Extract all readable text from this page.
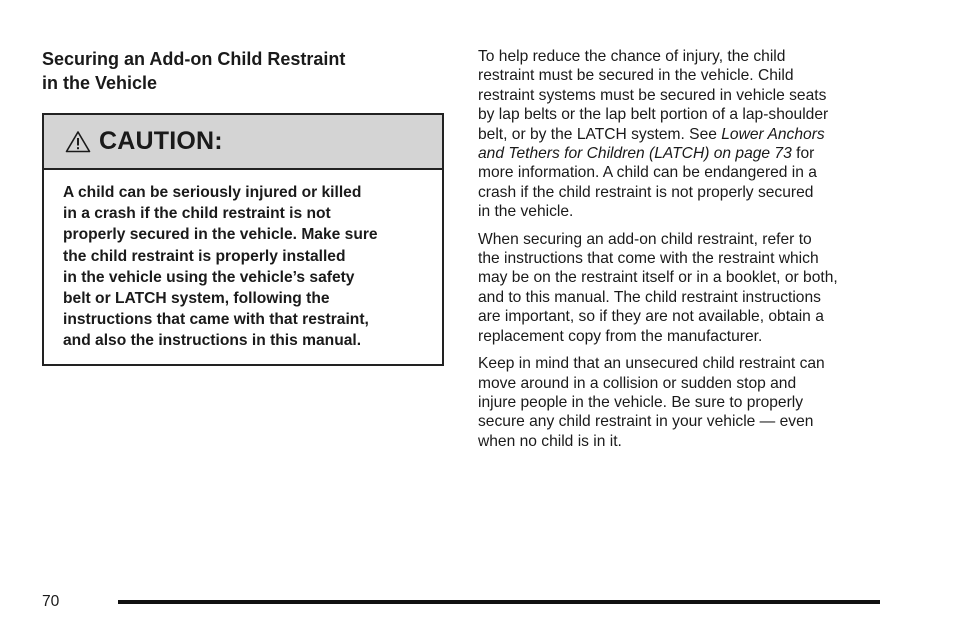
Securing an Add-on Child Restraint
in the Vehicle
CAUTION:
A child can be seriously injured or killed
in a crash if the child restraint is not
properly secured in the vehicle. Make sure
the child restraint is properly installed
in the vehicle using the vehicle’s safety
belt or LATCH system, following the
instructions that came with that restraint,
and also the instructions in this manual.

To help reduce the chance of injury, the child
restraint must be secured in the vehicle. Child
restraint systems must be secured in vehicle seats
by lap belts or the lap belt portion of a lap-shoulder
belt, or by the LATCH system. See Lower Anchors
and Tethers for Children (LATCH) on page 73 for
more information. A child can be endangered in a
crash if the child restraint is not properly secured
in the vehicle.

When securing an add-on child restraint, refer to
the instructions that come with the restraint which
may be on the restraint itself or in a booklet, or both,
and to this manual. The child restraint instructions
are important, so if they are not available, obtain a
replacement copy from the manufacturer.

Keep in mind that an unsecured child restraint can
move around in a collision or sudden stop and
injure people in the vehicle. Be sure to properly
secure any child restraint in your vehicle — even
when no child is in it.

70
